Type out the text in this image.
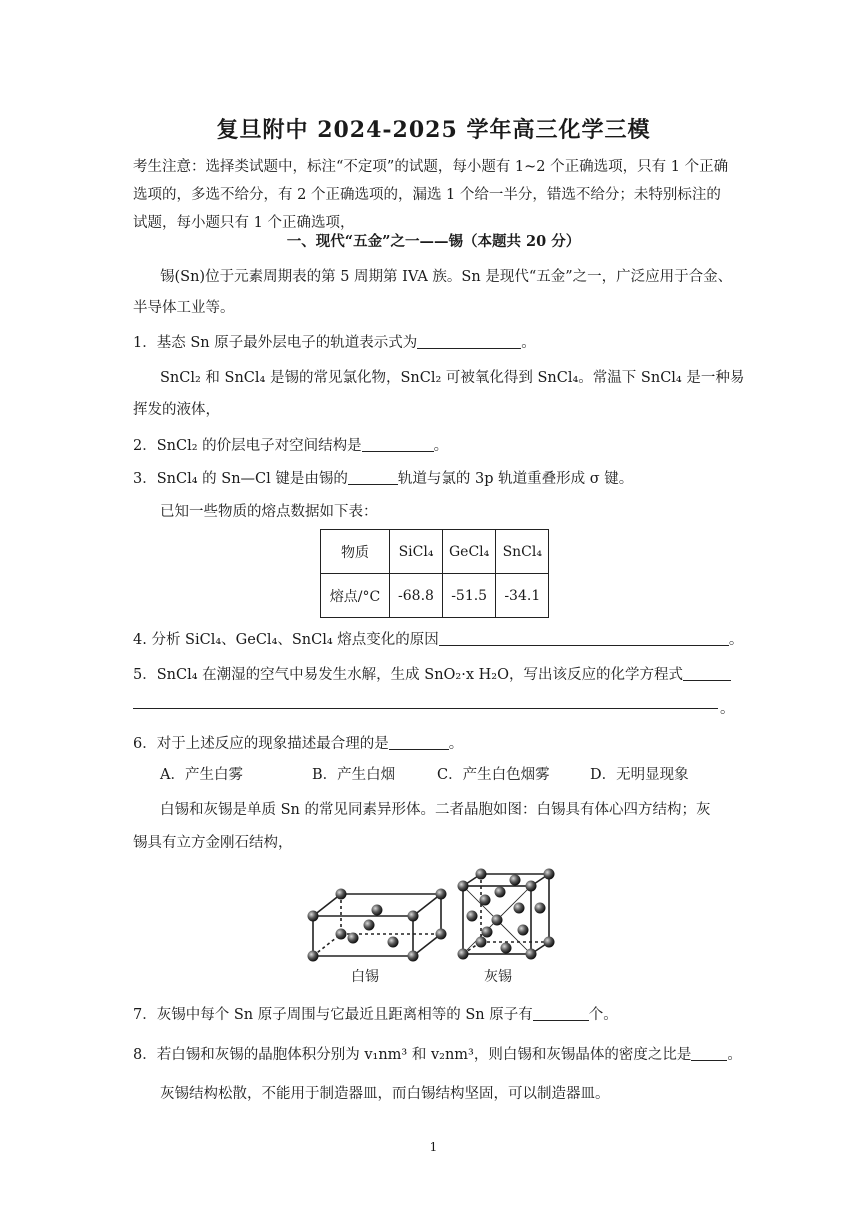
复旦附中 2024-2025 学年高三化学三模

考生注意：选择类试题中，标注“不定项”的试题，每小题有 1~2 个正确选项，只有 1 个正确

选项的，多选不给分，有 2 个正确选项的，漏选 1 个给一半分，错选不给分；未特别标注的

试题，每小题只有 1 个正确选项，

一、现代“五金”之一——锡（本题共 20 分）
锡(Sn)位于元素周期表的第 5 周期第 IVA 族。Sn 是现代“五金”之一，广泛应用于合金、
半导体工业等。
1．基态 Sn 原子最外层电子的轨道表示式为	。
SnCl₂ 和 SnCl₄ 是锡的常见氯化物，SnCl₂ 可被氧化得到 SnCl₄。常温下 SnCl₄ 是一种易
挥发的液体，
2．SnCl₂ 的价层电子对空间结构是	。
3．SnCl₄ 的 Sn—Cl 键是由锡的	轨道与氯的 3p 轨道重叠形成 σ 键。
已知一些物质的熔点数据如下表：
物质	SiCl₄	GeCl₄	SnCl₄
熔点/°C	-68.8	-51.5	-34.1
4. 分析 SiCl₄、GeCl₄、SnCl₄ 熔点变化的原因	。
5．SnCl₄ 在潮湿的空气中易发生水解，生成 SnO₂·x H₂O，写出该反应的化学方程式
。
6．对于上述反应的现象描述最合理的是	。
A．产生白雾	B．产生白烟	C．产生白色烟雾	D．无明显现象
白锡和灰锡是单质 Sn 的常见同素异形体。二者晶胞如图：白锡具有体心四方结构；灰
锡具有立方金刚石结构，
白锡	灰锡
7．灰锡中每个 Sn 原子周围与它最近且距离相等的 Sn 原子有	个。
8．若白锡和灰锡的晶胞体积分别为 v₁nm³ 和 v₂nm³，则白锡和灰锡晶体的密度之比是 。
灰锡结构松散，不能用于制造器皿，而白锡结构坚固，可以制造器皿。
1
